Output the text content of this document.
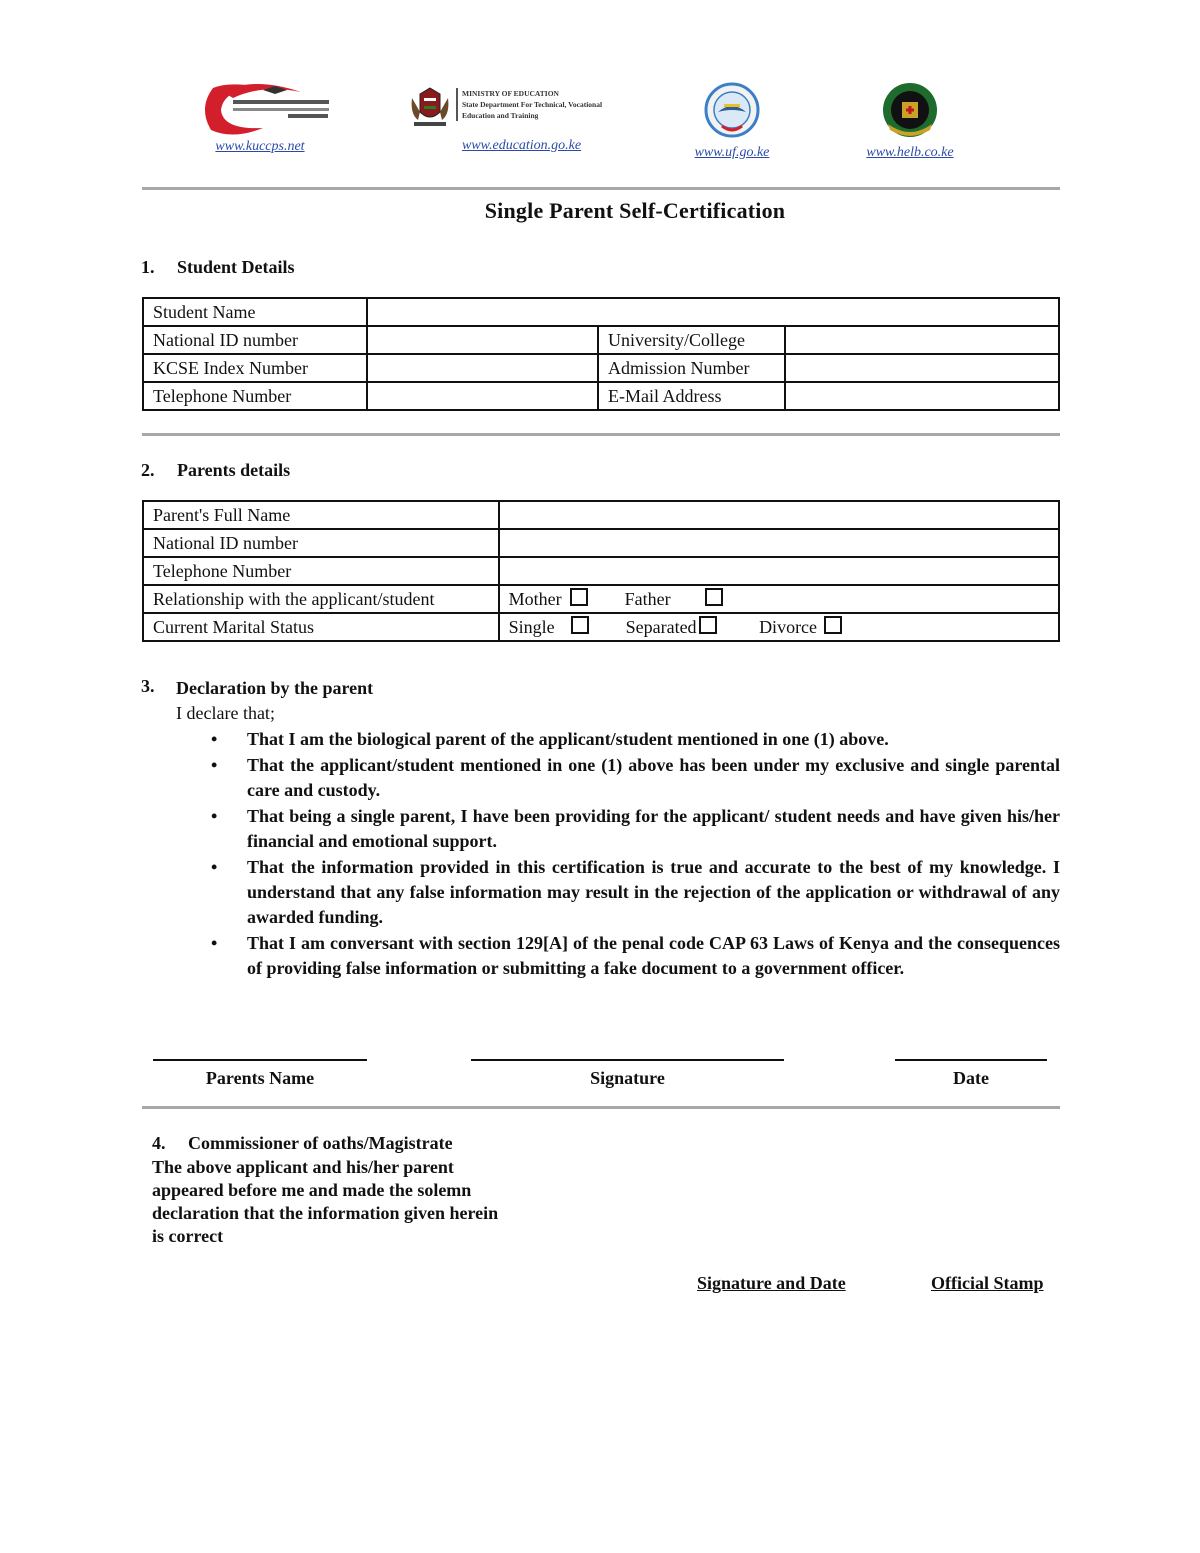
www.kuccps.net
MINISTRY OF EDUCATION
State Department For Technical, Vocational
Education and Training
www.education.go.ke	www.uf.go.ke	www.helb.co.ke
Single Parent Self-Certification
1. Student Details
Student Name			
National ID number		University/College	
KCSE Index Number		Admission Number	
Telephone Number		E-Mail Address	
2. Parents details
Parent's Full Name	
National ID number	
Telephone Number	
Relationship with the applicant/student	Mother Father
Current Marital Status	Single Separated Divorce
3.	Declaration by the parent
I declare that;
• That I am the biological parent of the applicant/student mentioned in one (1) above.
• That the applicant/student mentioned in one (1) above has been under my exclusive and single parental care and custody.
• That being a single parent, I have been providing for the applicant/ student needs and have given his/her financial and emotional support.
• That the information provided in this certification is true and accurate to the best of my knowledge. I understand that any false information may result in the rejection of the application or withdrawal of any awarded funding.
• That I am conversant with section 129[A] of the penal code CAP 63 Laws of Kenya and the consequences of providing false information or submitting a fake document to a government officer.
Parents Name	Signature	Date
4. Commissioner of oaths/Magistrate
The above applicant and his/her parent appeared before me and made the solemn declaration that the information given herein is correct
Signature and Date	Official Stamp
